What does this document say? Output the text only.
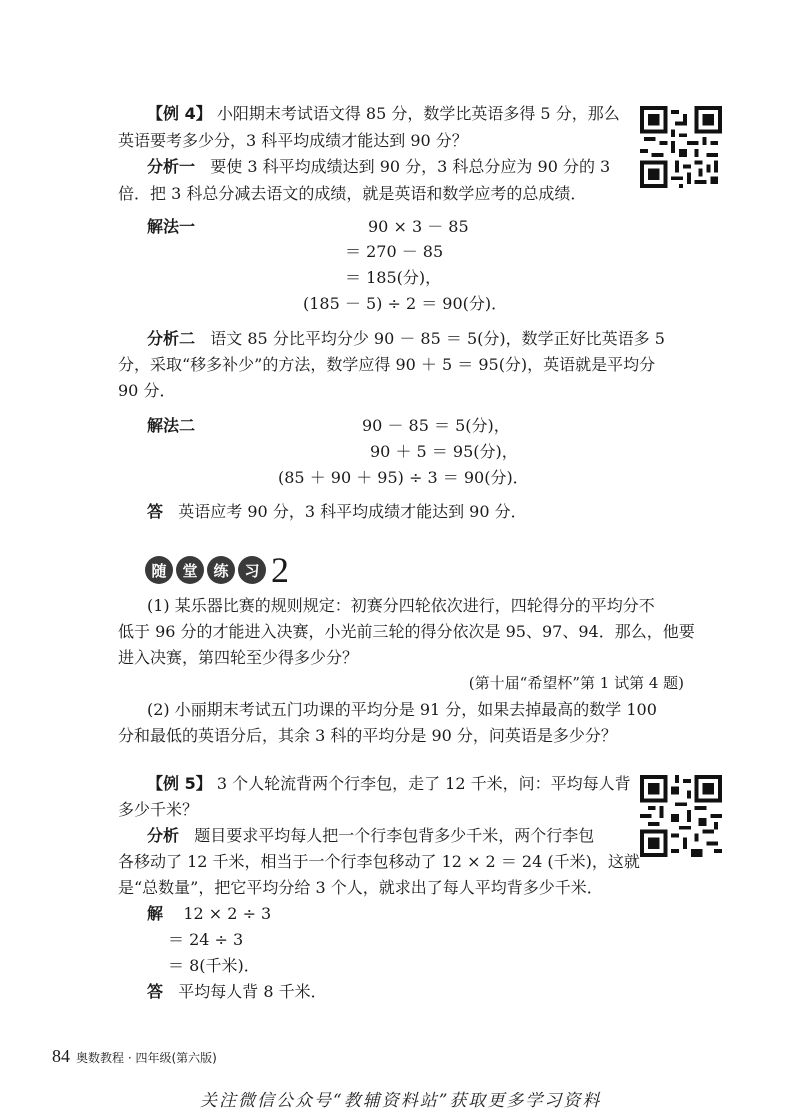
【例 4】 小阳期末考试语文得 85 分，数学比英语多得 5 分，那么
英语要考多少分，3 科平均成绩才能达到 90 分？
分析一 要使 3 科平均成绩达到 90 分，3 科总分应为 90 分的 3
倍．把 3 科总分减去语文的成绩，就是英语和数学应考的总成绩．
解法一	90 × 3 － 85
＝ 270 － 85
＝ 185(分)，
(185 － 5) ÷ 2 ＝ 90(分)．
分析二 语文 85 分比平均分少 90 － 85 ＝ 5(分)，数学正好比英语多 5
分，采取“移多补少”的方法，数学应得 90 ＋ 5 ＝ 95(分)，英语就是平均分
90 分．
解法二	90 － 85 ＝ 5(分)，
90 ＋ 5 ＝ 95(分)，
(85 ＋ 90 ＋ 95) ÷ 3 ＝ 90(分)．
答 英语应考 90 分，3 科平均成绩才能达到 90 分．
随	堂	练	习 2
(1) 某乐器比赛的规则规定：初赛分四轮依次进行，四轮得分的平均分不
低于 96 分的才能进入决赛，小光前三轮的得分依次是 95、97、94．那么，他要
进入决赛，第四轮至少得多少分？
(第十届“希望杯”第 1 试第 4 题)
(2) 小丽期末考试五门功课的平均分是 91 分，如果去掉最高的数学 100
分和最低的英语分后，其余 3 科的平均分是 90 分，问英语是多少分？
【例 5】 3 个人轮流背两个行李包，走了 12 千米，问：平均每人背
多少千米？
分析 题目要求平均每人把一个行李包背多少千米，两个行李包
各移动了 12 千米，相当于一个行李包移动了 12 × 2 ＝ 24 (千米)，这就
是“总数量”，把它平均分给 3 个人，就求出了每人平均背多少千米．
解 12 × 2 ÷ 3
＝ 24 ÷ 3
＝ 8(千米)．
答 平均每人背 8 千米．
84 奥数教程 · 四年级(第六版)
关注微信公众号“教辅资料站”获取更多学习资料
